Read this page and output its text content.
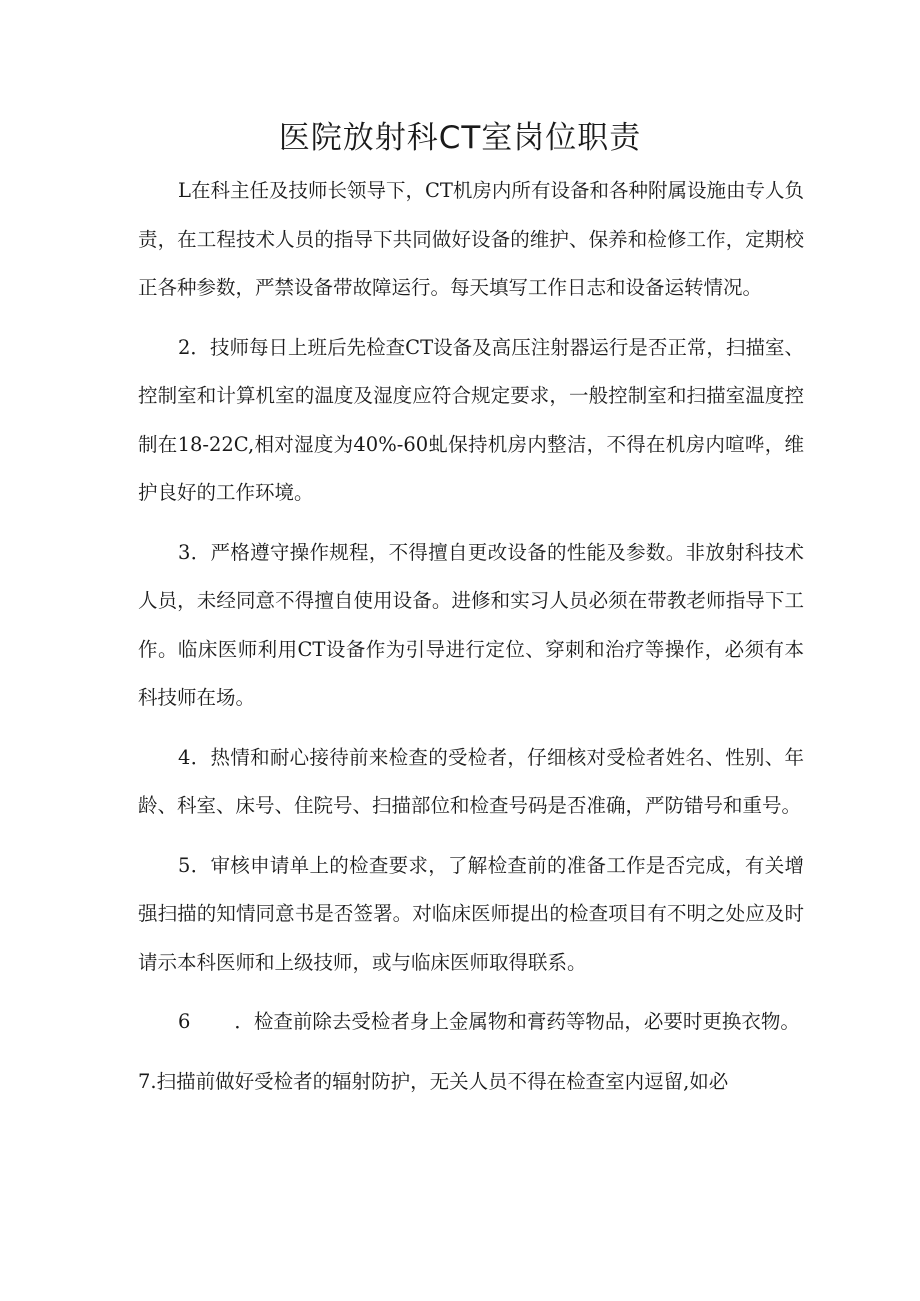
医院放射科CT室岗位职责

L在科主任及技师长领导下，CT机房内所有设备和各种附属设施由专人负责，在工程技术人员的指导下共同做好设备的维护、保养和检修工作，定期校正各种参数，严禁设备带故障运行。每天填写工作日志和设备运转情况。

2．技师每日上班后先检查CT设备及高压注射器运行是否正常，扫描室、控制室和计算机室的温度及湿度应符合规定要求，一般控制室和扫描室温度控制在18-22C,相对湿度为40%-60虬保持机房内整洁，不得在机房内喧哗，维护良好的工作环境。

3．严格遵守操作规程，不得擅自更改设备的性能及参数。非放射科技术人员，未经同意不得擅自使用设备。进修和实习人员必须在带教老师指导下工作。临床医师利用CT设备作为引导进行定位、穿刺和治疗等操作，必须有本科技师在场。

4．热情和耐心接待前来检查的受检者，仔细核对受检者姓名、性别、年龄、科室、床号、住院号、扫描部位和检查号码是否准确，严防错号和重号。

5．审核申请单上的检查要求，了解检查前的准备工作是否完成，有关增强扫描的知情同意书是否签署。对临床医师提出的检查项目有不明之处应及时请示本科医师和上级技师，或与临床医师取得联系。

6 ．检查前除去受检者身上金属物和膏药等物品，必要时更换衣物。

7.扫描前做好受检者的辐射防护，无关人员不得在检查室内逗留,如必
